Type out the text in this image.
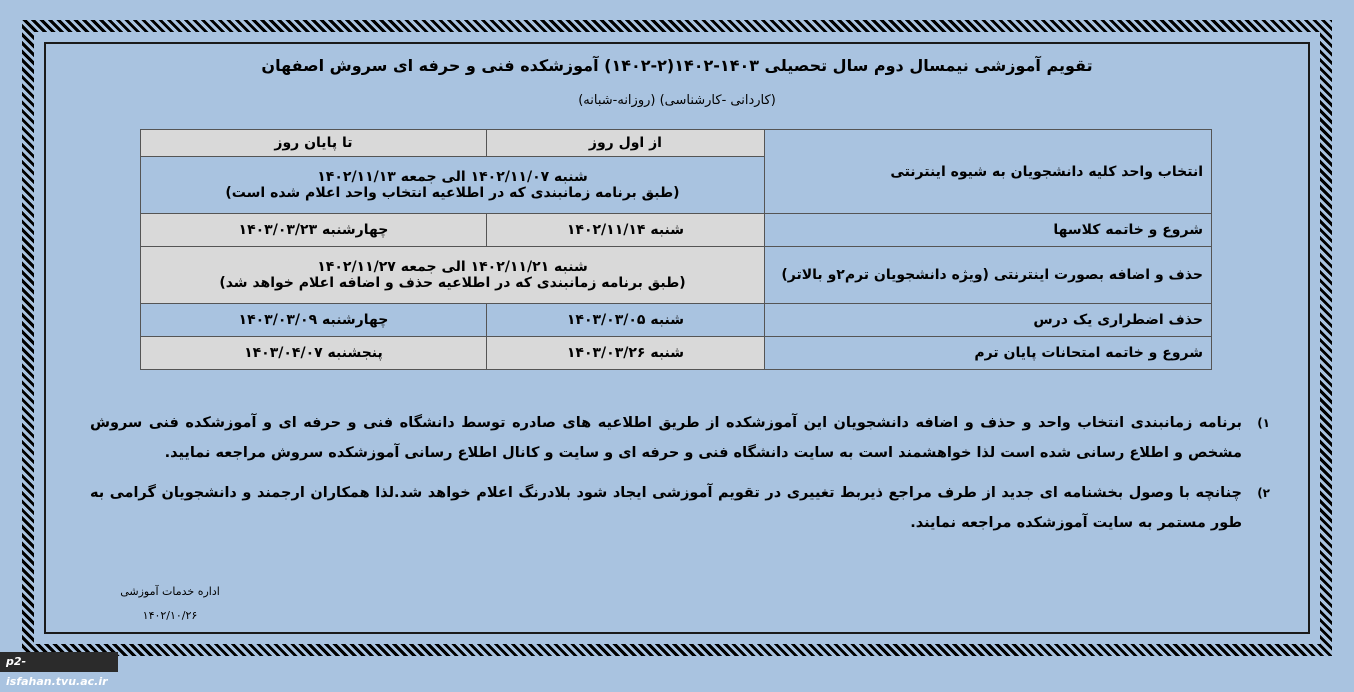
تقویم آموزشی نیمسال دوم سال تحصیلی ۱۴۰۳-۱۴۰۲(۲-۱۴۰۲) آموزشکده فنی و حرفه ای سروش اصفهان
(کاردانی -کارشناسی) (روزانه-شبانه)
انتخاب واحد کلیه دانشجویان به شیوه اینترنتی	از اول روز	تا پایان روز

	شنبه ۱۴۰۲/۱۱/۰۷ الی جمعه ۱۴۰۲/۱۱/۱۳
(طبق برنامه زمانبندی که در اطلاعیه انتخاب واحد اعلام شده است)	

شروع و خاتمه کلاسها	شنبه ۱۴۰۲/۱۱/۱۴	چهارشنبه ۱۴۰۳/۰۳/۲۳
حذف و اضافه بصورت اینترنتی (ویژه دانشجویان ترم۲و بالاتر)	شنبه ۱۴۰۲/۱۱/۲۱ الی جمعه ۱۴۰۲/۱۱/۲۷
(طبق برنامه زمانبندی که در اطلاعیه حذف و اضافه اعلام خواهد شد)	

حذف اضطراری یک درس	شنبه ۱۴۰۳/۰۳/۰۵	چهارشنبه ۱۴۰۳/۰۳/۰۹
شروع و خاتمه امتحانات پایان ترم	شنبه ۱۴۰۳/۰۳/۲۶	پنجشنبه ۱۴۰۳/۰۴/۰۷

۱)
برنامه زمانبندی انتخاب واحد و حذف و اضافه دانشجویان این آموزشکده از طریق اطلاعیه های صادره توسط دانشگاه فنی و حرفه ای و آموزشکده فنی سروش مشخص و اطلاع رسانی شده است لذا خواهشمند است به سایت دانشگاه فنی و حرفه ای و سایت و کانال اطلاع رسانی آموزشکده سروش مراجعه نمایید.

۲)
چنانچه با وصول بخشنامه ای جدید از طرف مراجع ذیربط تغییری در تقویم آموزشی ایجاد شود بلادرنگ اعلام خواهد شد.لذا همکاران ارجمند و دانشجویان گرامی به طور مستمر به سایت آموزشکده مراجعه نمایند.

اداره خدمات آموزشی
۱۴۰۲/۱۰/۲۶
p2-isfahan.tvu.ac.ir
